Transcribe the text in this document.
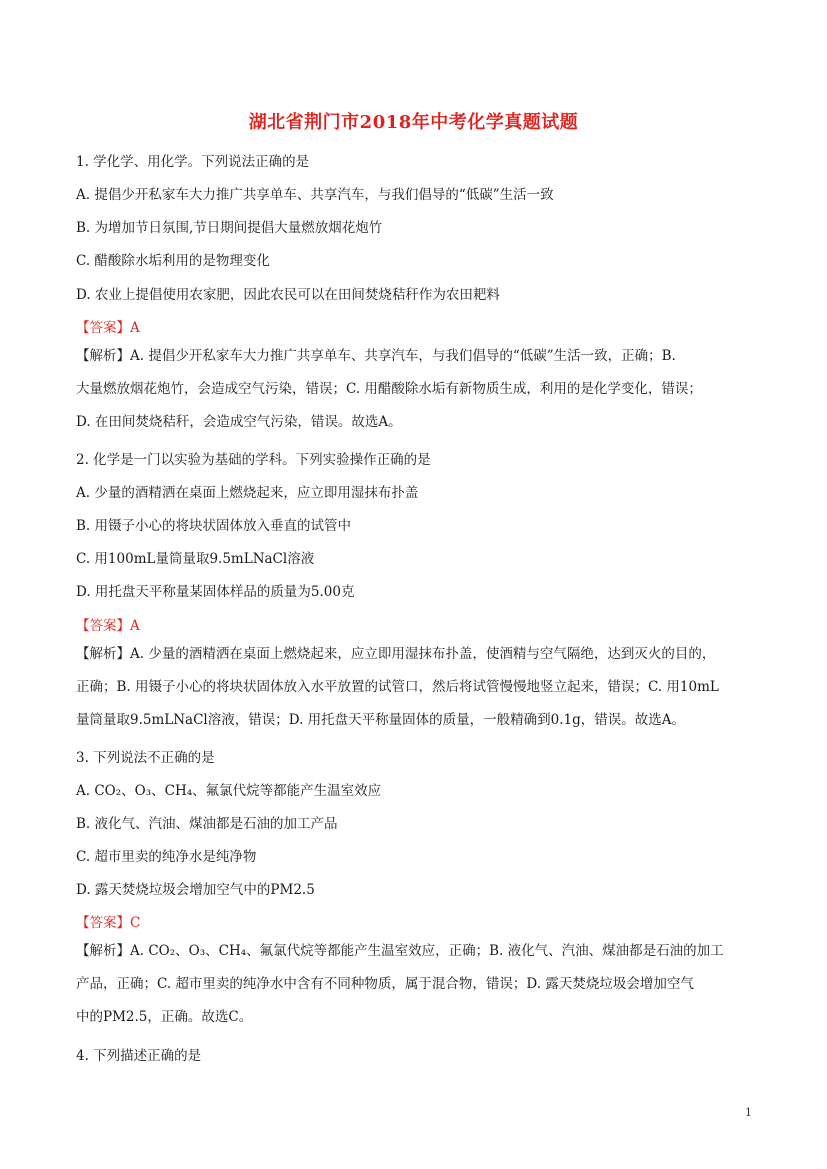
湖北省荆门市2018年中考化学真题试题
1. 学化学、用化学。下列说法正确的是
A. 提倡少开私家车大力推广共享单车、共享汽车，与我们倡导的“低碳”生活一致
B. 为增加节日氛围,节日期间提倡大量燃放烟花炮竹
C. 醋酸除水垢利用的是物理变化
D. 农业上提倡使用农家肥，因此农民可以在田间焚烧秸秆作为农田耙料
【答案】A
【解析】A. 提倡少开私家车大力推广共享单车、共享汽车，与我们倡导的“低碳”生活一致，正确；B.
大量燃放烟花炮竹，会造成空气污染，错误；C. 用醋酸除水垢有新物质生成，利用的是化学变化，错误；
D. 在田间焚烧秸秆，会造成空气污染，错误。故选A。
2. 化学是一门以实验为基础的学科。下列实验操作正确的是
A. 少量的酒精洒在桌面上燃烧起来，应立即用湿抹布扑盖
B. 用镊子小心的将块状固体放入垂直的试管中
C. 用100mL量筒量取9.5mLNaCl溶液
D. 用托盘天平称量某固体样品的质量为5.00克
【答案】A
【解析】A. 少量的酒精洒在桌面上燃烧起来，应立即用湿抹布扑盖，使酒精与空气隔绝，达到灭火的目的，
正确；B. 用镊子小心的将块状固体放入水平放置的试管口，然后将试管慢慢地竖立起来，错误；C. 用10mL
量筒量取9.5mLNaCl溶液，错误；D. 用托盘天平称量固体的质量，一般精确到0.1g，错误。故选A。
3. 下列说法不正确的是
A. CO₂、O₃、CH₄、氟氯代烷等都能产生温室效应
B. 液化气、汽油、煤油都是石油的加工产品
C. 超市里卖的纯净水是纯净物
D. 露天焚烧垃圾会增加空气中的PM2.5
【答案】C
【解析】A. CO₂、O₃、CH₄、氟氯代烷等都能产生温室效应，正确；B. 液化气、汽油、煤油都是石油的加工
产品，正确；C. 超市里卖的纯净水中含有不同种物质，属于混合物，错误；D. 露天焚烧垃圾会增加空气
中的PM2.5，正确。故选C。
4. 下列描述正确的是
1
